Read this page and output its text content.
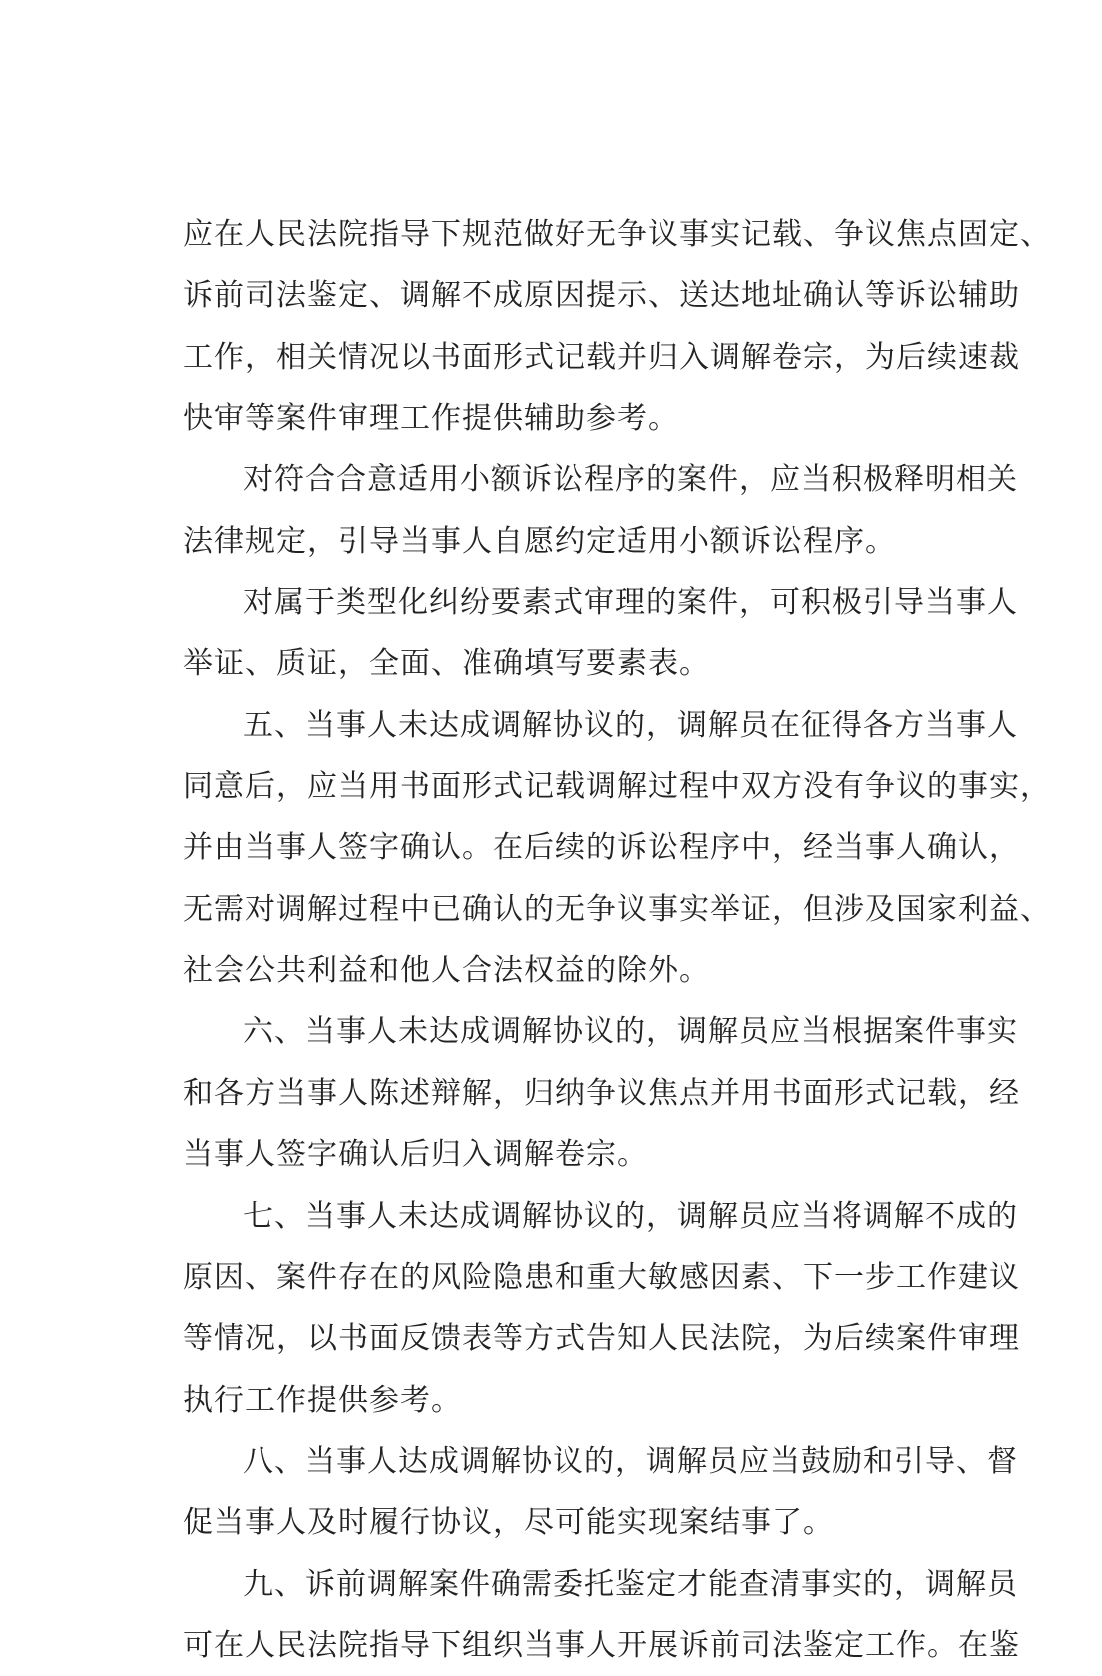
应在人民法院指导下规范做好无争议事实记载、争议焦点固定、
诉前司法鉴定、调解不成原因提示、送达地址确认等诉讼辅助
工作，相关情况以书面形式记载并归入调解卷宗，为后续速裁
快审等案件审理工作提供辅助参考。
对符合合意适用小额诉讼程序的案件，应当积极释明相关
法律规定，引导当事人自愿约定适用小额诉讼程序。
对属于类型化纠纷要素式审理的案件，可积极引导当事人
举证、质证，全面、准确填写要素表。
五、当事人未达成调解协议的，调解员在征得各方当事人
同意后，应当用书面形式记载调解过程中双方没有争议的事实，
并由当事人签字确认。在后续的诉讼程序中，经当事人确认，
无需对调解过程中已确认的无争议事实举证，但涉及国家利益、
社会公共利益和他人合法权益的除外。
六、当事人未达成调解协议的，调解员应当根据案件事实
和各方当事人陈述辩解，归纳争议焦点并用书面形式记载，经
当事人签字确认后归入调解卷宗。
七、当事人未达成调解协议的，调解员应当将调解不成的
原因、案件存在的风险隐患和重大敏感因素、下一步工作建议
等情况，以书面反馈表等方式告知人民法院，为后续案件审理
执行工作提供参考。
八、当事人达成调解协议的，调解员应当鼓励和引导、督
促当事人及时履行协议，尽可能实现案结事了。
九、诉前调解案件确需委托鉴定才能查清事实的，调解员
可在人民法院指导下组织当事人开展诉前司法鉴定工作。在鉴
